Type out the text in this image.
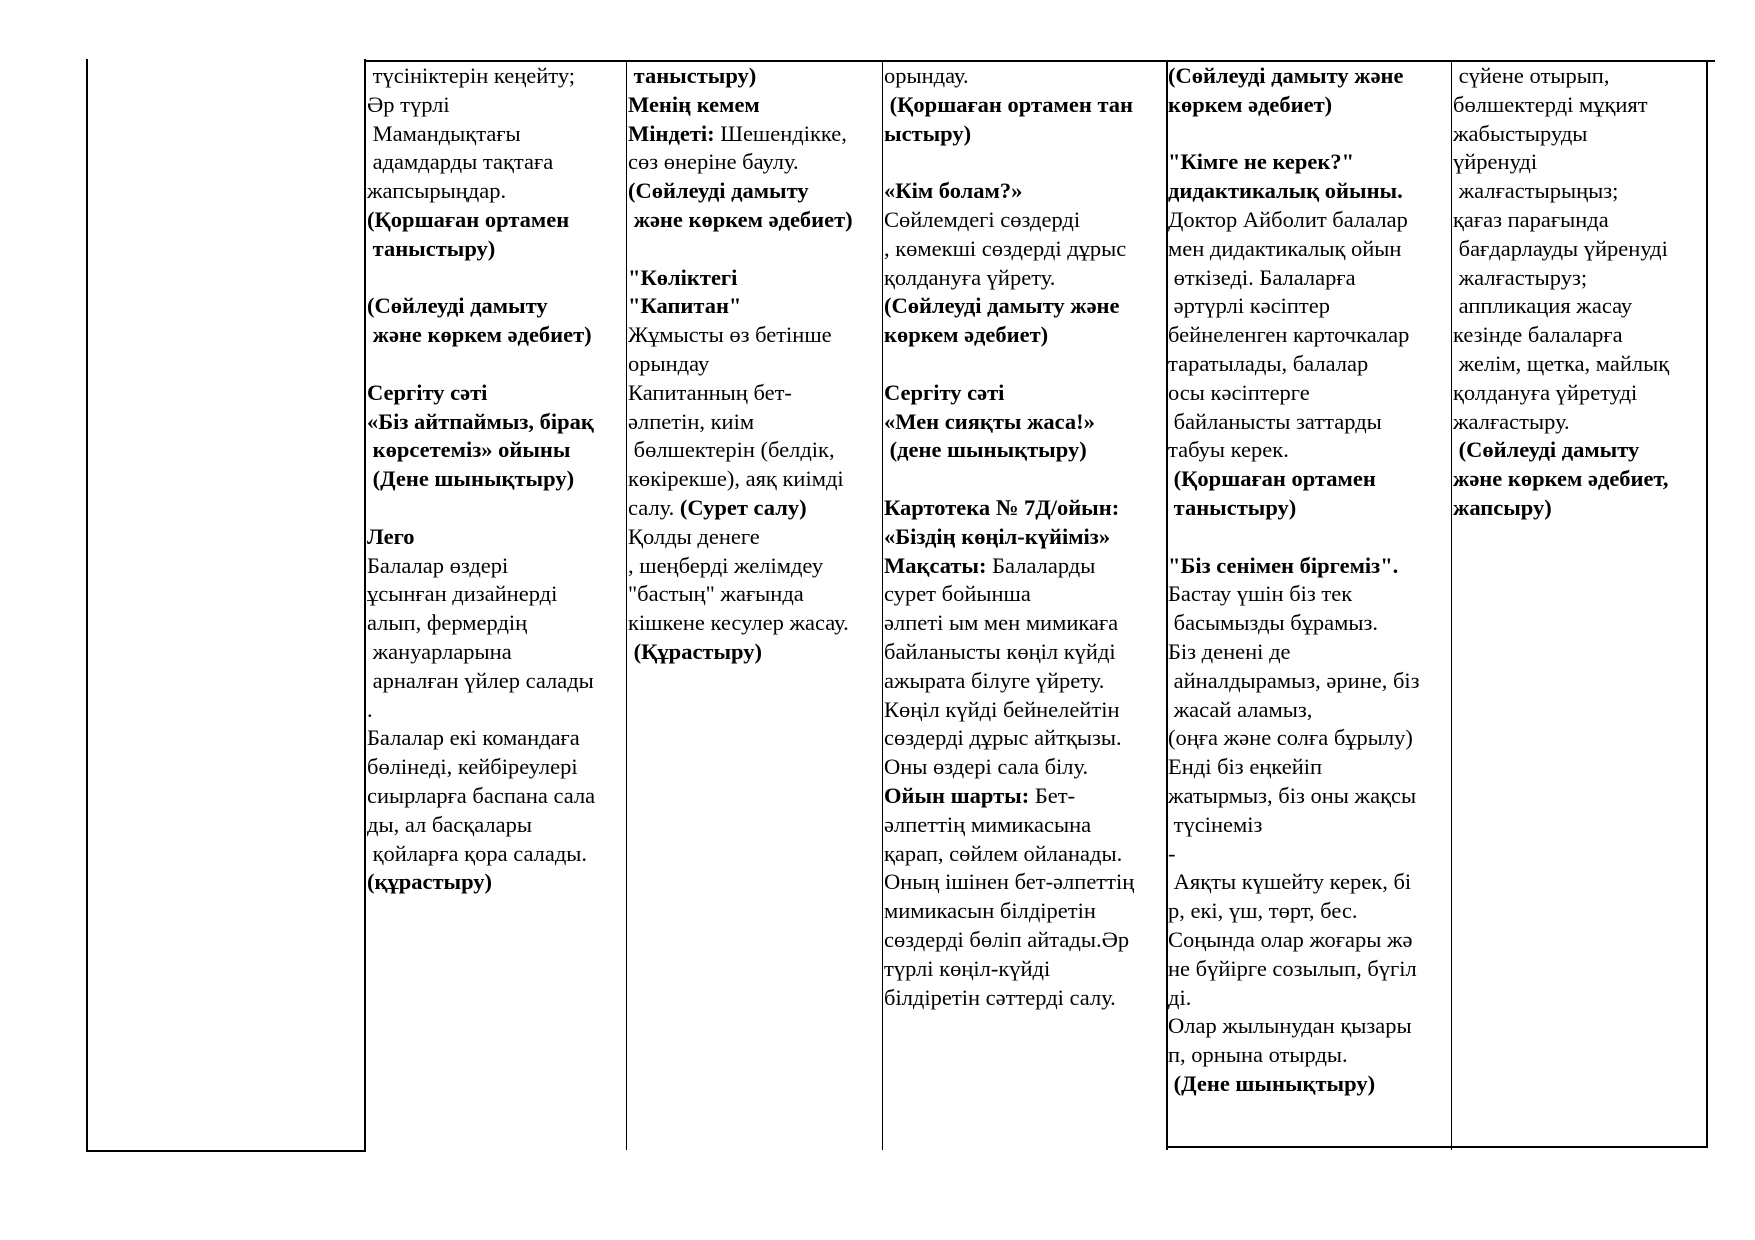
түсініктерін кеңейту;
Әр түрлі
Мамандықтағы
адамдарды тақтаға
жапсырыңдар.
(Қоршаған ортамен
таныстыру)
(Сөйлеуді дамыту
және көркем әдебиет)
Сергіту сәті
«Біз айтпаймыз, бірақ
көрсетеміз» ойыны
(Дене шынықтыру)
Лего
Балалар өздері
ұсынған дизайнерді
алып, фермердің
жануарларына
арналған үйлер салады
.
Балалар екі командаға
бөлінеді, кейбіреулері
сиырларға баспана сала
ды, ал басқалары
қойларға қора салады.
(құрастыру)
таныстыру)
Менің кемем
Міндеті: Шешендікке,
сөз өнеріне баулу.
(Сөйлеуді дамыту
және көркем әдебиет)
"Көліктегі
"Капитан"
Жұмысты өз бетінше
орындау
Капитанның бет-
әлпетін, киім
бөлшектерін (белдік,
көкірекше), аяқ киімді
салу. (Сурет салу)
Қолды денеге
, шеңберді желімдеу
"бастың" жағында
кішкене кесулер жасау.
(Құрастыру)
орындау.
(Қоршаған ортамен тан
ыстыру)
«Кім болам?»
Сөйлемдегі сөздерді
, көмекші сөздерді дұрыс
қолдануға үйрету.
(Сөйлеуді дамыту және
көркем әдебиет)
Сергіту сәті
«Мен сияқты жаса!»
(дене шынықтыру)
Картотека № 7Д/ойын:
«Біздің көңіл-күйіміз»
Мақсаты: Балаларды
сурет бойынша
әлпеті ым мен мимикаға
байланысты көңіл күйді
ажырата білуге үйрету.
Көңіл күйді бейнелейтін
сөздерді дұрыс айтқызы.
Оны өздері сала білу.
Ойын шарты: Бет-
әлпеттің мимикасына
қарап, сөйлем ойланады.
Оның ішінен бет-әлпеттің
мимикасын білдіретін
сөздерді бөліп айтады.Әр
түрлі көңіл-күйді
білдіретін сәттерді салу.
(Сөйлеуді дамыту және
көркем әдебиет)
"Кімге не керек?"
дидактикалық ойыны.
Доктор Айболит балалар
мен дидактикалық ойын
өткізеді. Балаларға
әртүрлі кәсіптер
бейнеленген карточкалар
таратылады, балалар
осы кәсіптерге
байланысты заттарды
табуы керек.
(Қоршаған ортамен
таныстыру)
"Біз сенімен біргеміз".
Бастау үшін біз тек
басымызды бұрамыз.
Біз денені де
айналдырамыз, әрине, біз
жасай аламыз,
(оңға және солға бұрылу)
Енді біз еңкейіп
жатырмыз, біз оны жақсы
түсінеміз
-
Аяқты күшейту керек, бі
р, екі, үш, төрт, бес.
Соңында олар жоғары жә
не бүйірге созылып, бүгіл
ді.
Олар жылынудан қызары
п, орнына отырды.
(Дене шынықтыру)
сүйене отырып,
бөлшектерді мұқият
жабыстыруды
үйренуді
жалғастырыңыз;
қағаз парағында
бағдарлауды үйренуді
жалғастыруз;
аппликация жасау
кезінде балаларға
желім, щетка, майлық
қолдануға үйретуді
жалғастыру.
(Сөйлеуді дамыту
және көркем әдебиет,
жапсыру)
